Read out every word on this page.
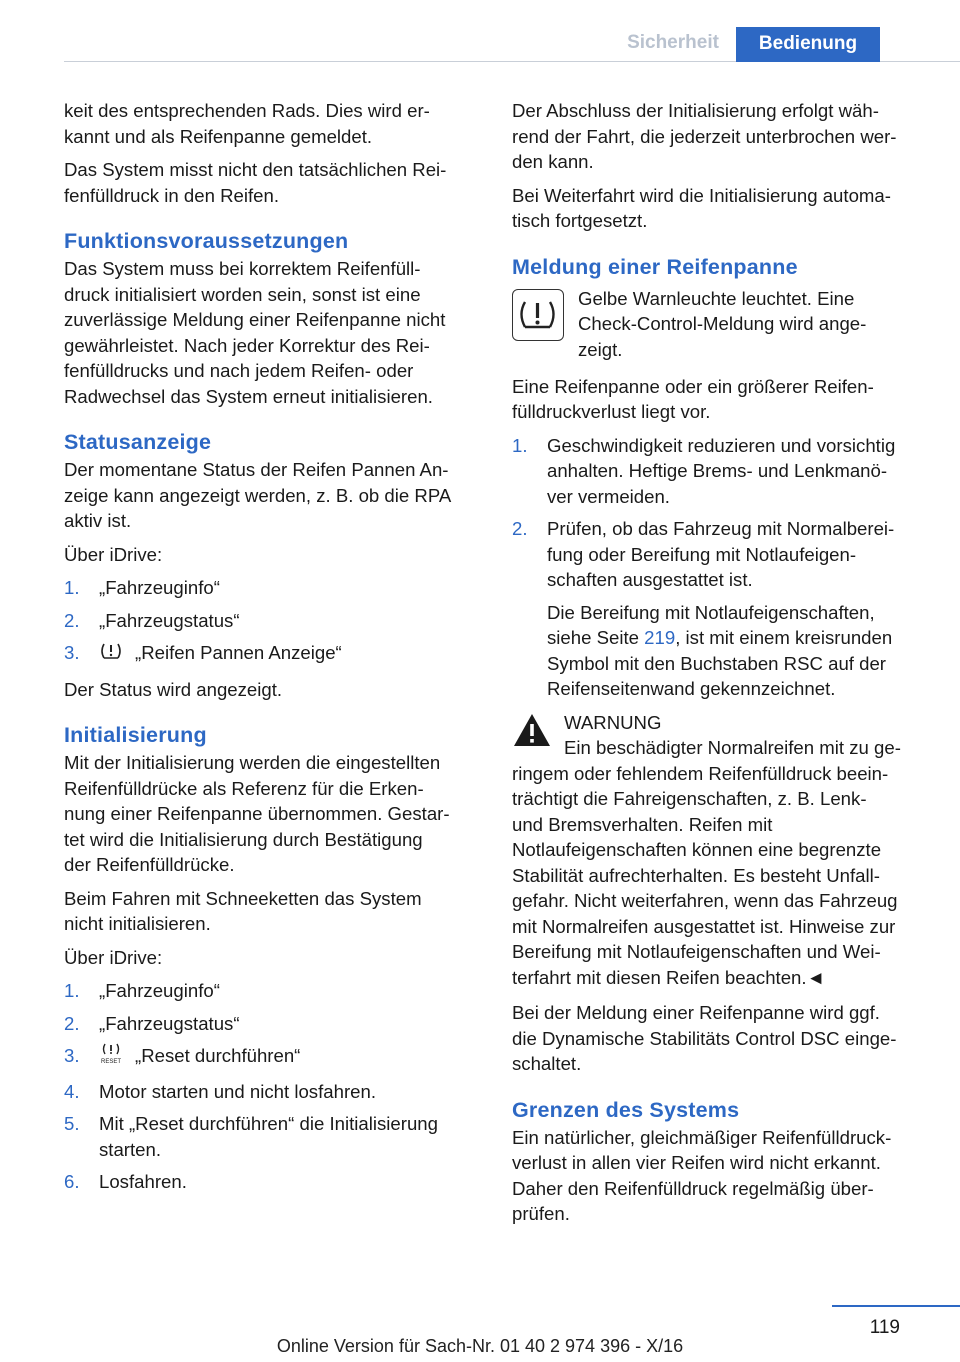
Sicherheit	Bedienung

keit des entsprechenden Rads. Dies wird er-
kannt und als Reifenpanne gemeldet.

Das System misst nicht den tatsächlichen Rei-
fenfülldruck in den Reifen.

Funktionsvoraussetzungen

Das System muss bei korrektem Reifenfüll-
druck initialisiert worden sein, sonst ist eine
zuverlässige Meldung einer Reifenpanne nicht
gewährleistet. Nach jeder Korrektur des Rei-
fenfülldrucks und nach jedem Reifen- oder
Radwechsel das System erneut initialisieren.

Statusanzeige

Der momentane Status der Reifen Pannen An-
zeige kann angezeigt werden, z. B. ob die RPA
aktiv ist.

Über iDrive:

1. „Fahrzeuginfo“
2. „Fahrzeugstatus“
3.	„Reifen Pannen Anzeige“

Der Status wird angezeigt.

Initialisierung

Mit der Initialisierung werden die eingestellten
Reifenfülldrücke als Referenz für die Erken-
nung einer Reifenpanne übernommen. Gestar-
tet wird die Initialisierung durch Bestätigung
der Reifenfülldrücke.

Beim Fahren mit Schneeketten das System
nicht initialisieren.

Über iDrive:

1. „Fahrzeuginfo“
2. „Fahrzeugstatus“
3.	RESET „Reset durchführen“
4. Motor starten und nicht losfahren.
5. Mit „Reset durchführen“ die Initialisierung
starten.
6. Losfahren.

Der Abschluss der Initialisierung erfolgt wäh-
rend der Fahrt, die jederzeit unterbrochen wer-
den kann.

Bei Weiterfahrt wird die Initialisierung automa-
tisch fortgesetzt.

Meldung einer Reifenpanne

Gelbe Warnleuchte leuchtet. Eine
Check-Control-Meldung wird ange-
zeigt.

Eine Reifenpanne oder ein größerer Reifen-
fülldruckverlust liegt vor.

1. Geschwindigkeit reduzieren und vorsichtig
anhalten. Heftige Brems- und Lenkmanö-
ver vermeiden.
2. Prüfen, ob das Fahrzeug mit Normalberei-
fung oder Bereifung mit Notlaufeigen-
schaften ausgestattet ist.
Die Bereifung mit Notlaufeigenschaften,
siehe Seite 219, ist mit einem kreisrunden
Symbol mit den Buchstaben RSC auf der
Reifenseitenwand gekennzeichnet.
WARNUNG
Ein beschädigter Normalreifen mit zu ge-
ringem oder fehlendem Reifenfülldruck beein-
trächtigt die Fahreigenschaften, z. B. Lenk-
und Bremsverhalten. Reifen mit
Notlaufeigenschaften können eine begrenzte
Stabilität aufrechterhalten. Es besteht Unfall-
gefahr. Nicht weiterfahren, wenn das Fahrzeug
mit Normalreifen ausgestattet ist. Hinweise zur
Bereifung mit Notlaufeigenschaften und Wei-
terfahrt mit diesen Reifen beachten.◄

Bei der Meldung einer Reifenpanne wird ggf.
die Dynamische Stabilitäts Control DSC einge-
schaltet.

Grenzen des Systems

Ein natürlicher, gleichmäßiger Reifenfülldruck-
verlust in allen vier Reifen wird nicht erkannt.
Daher den Reifenfülldruck regelmäßig über-
prüfen.

119
Online Version für Sach-Nr. 01 40 2 974 396 - X/16
